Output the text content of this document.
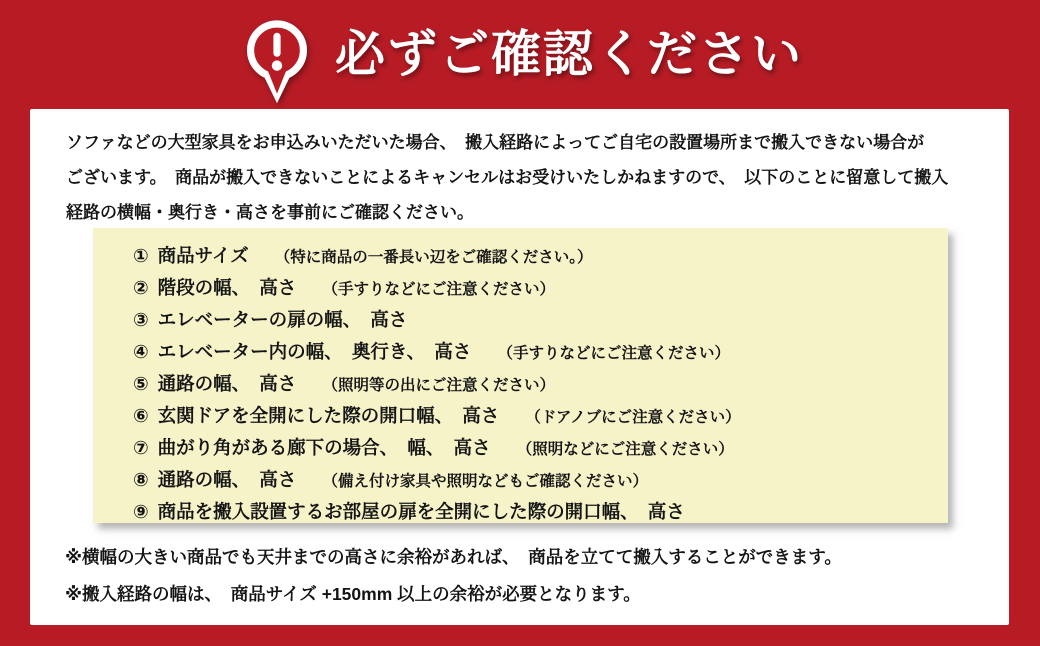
必ずご確認ください
ソファなどの大型家具をお申込みいただいた場合、　搬入経路によってご自宅の設置場所まで搬入できない場合が
ございます。　商品が搬入できないことによるキャンセルはお受けいたしかねますので、　以下のことに留意して搬入
経路の横幅・奥行き・高さを事前にご確認ください。
① 商品サイズ （特に商品の一番長い辺をご確認ください。）
② 階段の幅、　高さ （手すりなどにご注意ください）
③ エレベーターの扉の幅、　高さ
④ エレベーター内の幅、　奥行き、　高さ （手すりなどにご注意ください）
⑤ 通路の幅、　高さ （照明等の出にご注意ください）
⑥ 玄関ドアを全開にした際の開口幅、　高さ （ドアノブにご注意ください）
⑦ 曲がり角がある廊下の場合、　幅、　高さ （照明などにご注意ください）
⑧ 通路の幅、　高さ （備え付け家具や照明などもご確認ください）
⑨ 商品を搬入設置するお部屋の扉を全開にした際の開口幅、　高さ
※横幅の大きい商品でも天井までの高さに余裕があれば、　商品を立てて搬入することができます。
※搬入経路の幅は、　商品サイズ +150mm 以上の余裕が必要となります。
